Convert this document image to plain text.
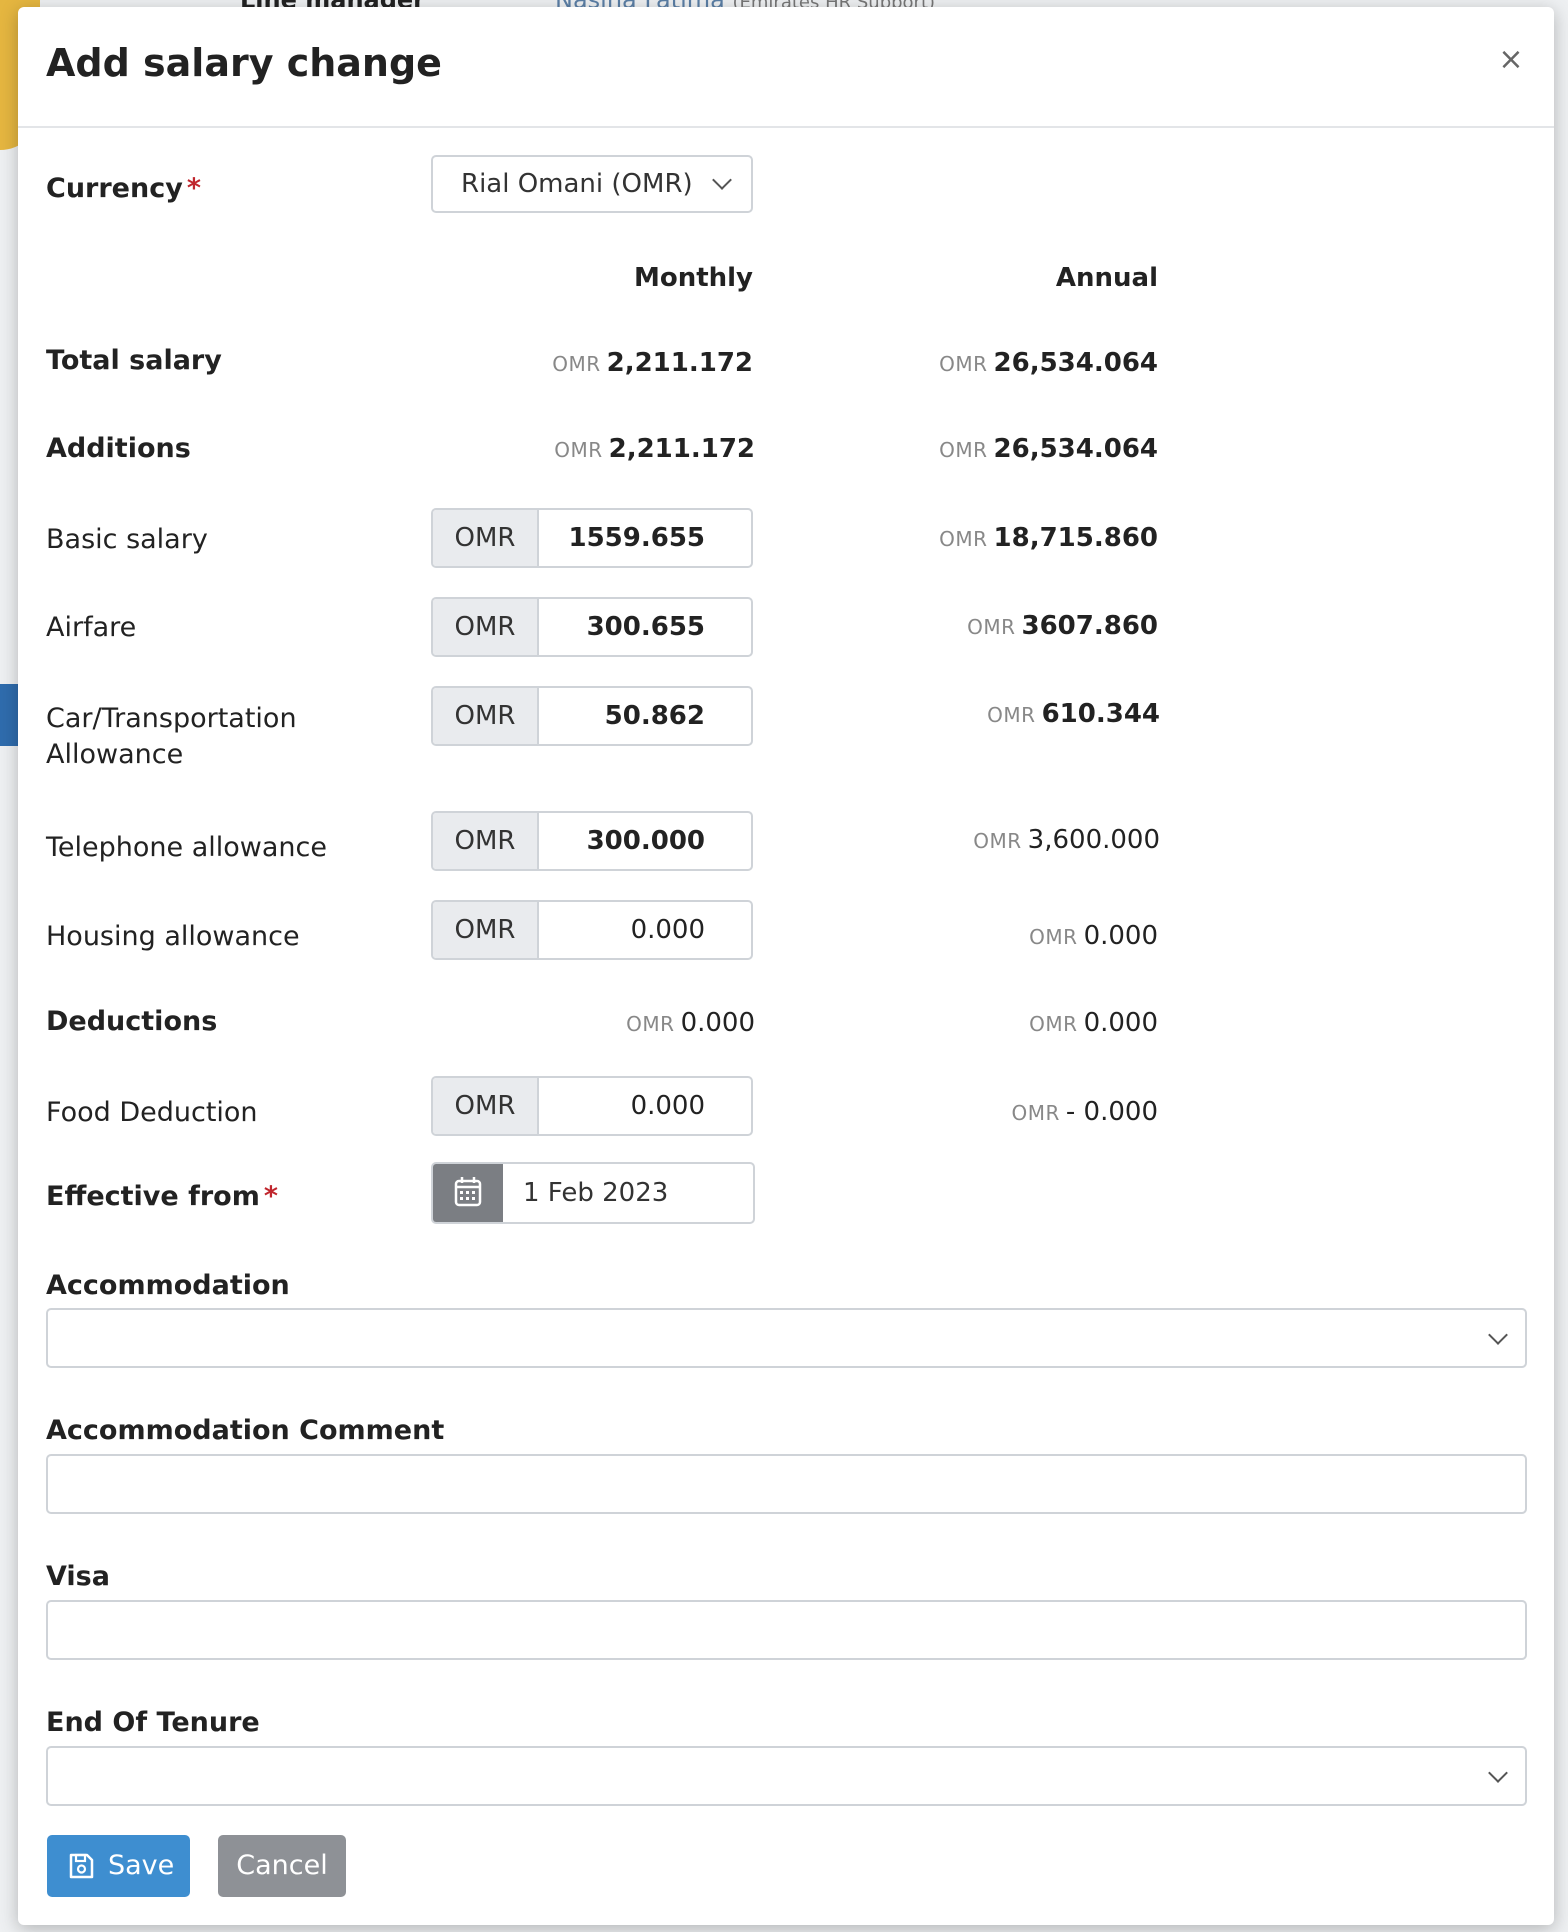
Add salary change	×
Currency *	Rial Omani (OMR)
Monthly	Annual
Total salary	OMR 2,211.172	OMR 26,534.064
Additions	OMR 2,211.172	OMR 26,534.064
Basic salary	OMR	1559.655	OMR 18,715.860
Airfare	OMR	300.655	OMR 3607.860
Car/Transportation
Allowance
OMR	50.862	OMR 610.344
Telephone allowance	OMR	300.000	OMR 3,600.000
Housing allowance	OMR	0.000	OMR 0.000
Deductions	OMR 0.000	OMR 0.000
Food Deduction	OMR	0.000	OMR - 0.000
Effective from *	1 Feb 2023
Accommodation
Accommodation Comment
Visa
End Of Tenure
Save	Cancel
